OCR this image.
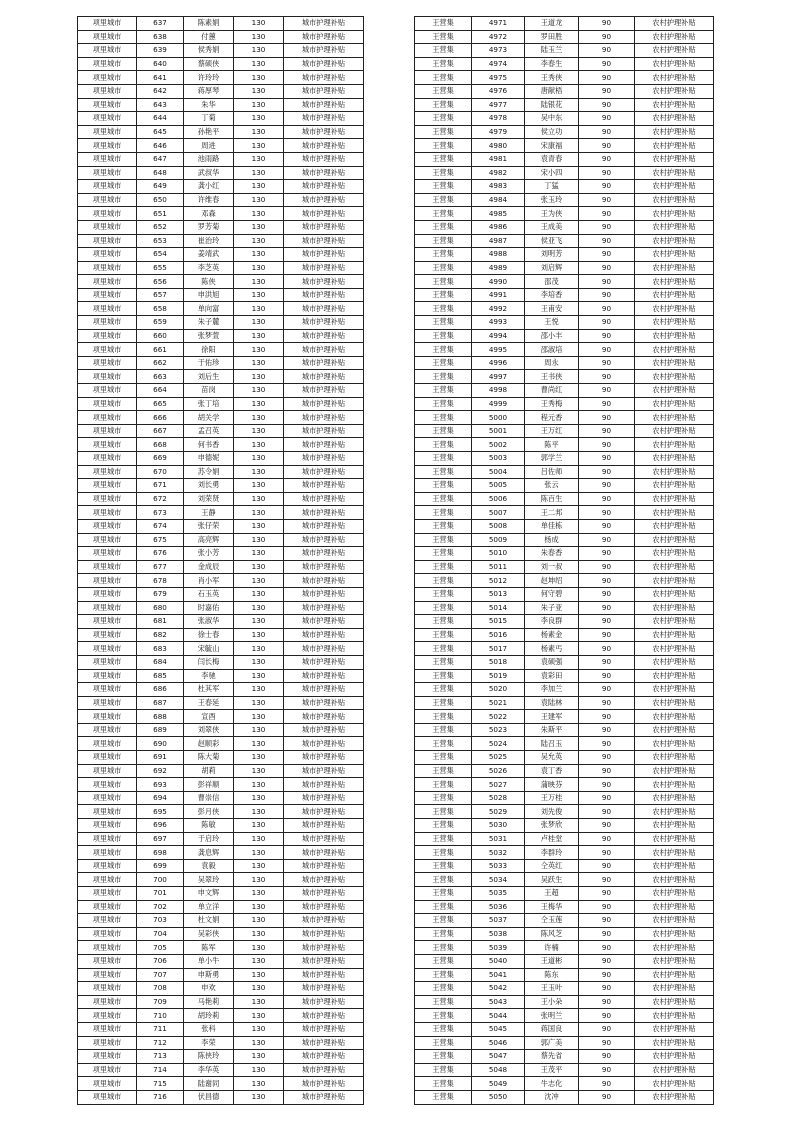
项里城市	637	陈素娟	130	城市护理补贴
项里城市	638	付蕙	130	城市护理补贴
项里城市	639	侯秀娟	130	城市护理补贴
项里城市	640	蔡硕侠	130	城市护理补贴
项里城市	641	许玲玲	130	城市护理补贴
项里城市	642	蒋厚琴	130	城市护理补贴
项里城市	643	朱华	130	城市护理补贴
项里城市	644	丁菊	130	城市护理补贴
项里城市	645	孙艳平	130	城市护理补贴
项里城市	646	周进	130	城市护理补贴
项里城市	647	池雨路	130	城市护理补贴
项里城市	648	武叔华	130	城市护理补贴
项里城市	649	龚小红	130	城市护理补贴
项里城市	650	许维春	130	城市护理补贴
项里城市	651	邓森	130	城市护理补贴
项里城市	652	罗芳菊	130	城市护理补贴
项里城市	653	崔治玲	130	城市护理补贴
项里城市	654	姜靖武	130	城市护理补贴
项里城市	655	李芝英	130	城市护理补贴
项里城市	656	陈侠	130	城市护理补贴
项里城市	657	申洪旭	130	城市护理补贴
项里城市	658	单向富	130	城市护理补贴
项里城市	659	朱子麓	130	城市护理补贴
项里城市	660	张梦萱	130	城市护理补贴
项里城市	661	徐阳	130	城市护理补贴
项里城市	662	于佑珍	130	城市护理补贴
项里城市	663	刘后生	130	城市护理补贴
项里城市	664	苗岗	130	城市护理补贴
项里城市	665	张丁培	130	城市护理补贴
项里城市	666	胡关学	130	城市护理补贴
项里城市	667	孟召英	130	城市护理补贴
项里城市	668	何书香	130	城市护理补贴
项里城市	669	申德妮	130	城市护理补贴
项里城市	670	苏令娟	130	城市护理补贴
项里城市	671	刘长勇	130	城市护理补贴
项里城市	672	刘荣贤	130	城市护理补贴
项里城市	673	王静	130	城市护理补贴
项里城市	674	张仔荣	130	城市护理补贴
项里城市	675	高亮辉	130	城市护理补贴
项里城市	676	张小芳	130	城市护理补贴
项里城市	677	金成辰	130	城市护理补贴
项里城市	678	肖小军	130	城市护理补贴
项里城市	679	石玉英	130	城市护理补贴
项里城市	680	时嘉佑	130	城市护理补贴
项里城市	681	张淑华	130	城市护理补贴
项里城市	682	徐士春	130	城市护理补贴
项里城市	683	宋毓山	130	城市护理补贴
项里城市	684	闫长梅	130	城市护理补贴
项里城市	685	李驰	130	城市护理补贴
项里城市	686	杜其军	130	城市护理补贴
项里城市	687	王春延	130	城市护理补贴
项里城市	688	宣酉	130	城市护理补贴
项里城市	689	刘翠侠	130	城市护理补贴
项里城市	690	赵顺彩	130	城市护理补贴
项里城市	691	陈大菊	130	城市护理补贴
项里城市	692	胡莉	130	城市护理补贴
项里城市	693	彭祥顺	130	城市护理补贴
项里城市	694	曹崇信	130	城市护理补贴
项里城市	695	彭月侠	130	城市护理补贴
项里城市	696	陈敏	130	城市护理补贴
项里城市	697	于启玲	130	城市护理补贴
项里城市	698	龚息辉	130	城市护理补贴
项里城市	699	袁毅	130	城市护理补贴
项里城市	700	吴翠玲	130	城市护理补贴
项里城市	701	申文辉	130	城市护理补贴
项里城市	702	单立洋	130	城市护理补贴
项里城市	703	杜文娟	130	城市护理补贴
项里城市	704	吴彩侠	130	城市护理补贴
项里城市	705	陈军	130	城市护理补贴
项里城市	706	单小牛	130	城市护理补贴
项里城市	707	申斯勇	130	城市护理补贴
项里城市	708	申欢	130	城市护理补贴
项里城市	709	马艳莉	130	城市护理补贴
项里城市	710	胡玲莉	130	城市护理补贴
项里城市	711	张科	130	城市护理补贴
项里城市	712	李荣	130	城市护理补贴
项里城市	713	陈侠玲	130	城市护理补贴
项里城市	714	李华英	130	城市护理补贴
项里城市	715	陆谢同	130	城市护理补贴
项里城市	716	伏昌德	130	城市护理补贴
王营集	4971	王道龙	90	农村护理补贴
王营集	4972	罗田胜	90	农村护理补贴
王营集	4973	陆玉兰	90	农村护理补贴
王营集	4974	李春生	90	农村护理补贴
王营集	4975	王秀侠	90	农村护理补贴
王营集	4976	唐献梧	90	农村护理补贴
王营集	4977	陆银花	90	农村护理补贴
王营集	4978	吴中东	90	农村护理补贴
王营集	4979	侯立功	90	农村护理补贴
王营集	4980	宋康福	90	农村护理补贴
王营集	4981	袁青春	90	农村护理补贴
王营集	4982	宋小四	90	农村护理补贴
王营集	4983	丁猛	90	农村护理补贴
王营集	4984	张玉玲	90	农村护理补贴
王营集	4985	王为侠	90	农村护理补贴
王营集	4986	王成美	90	农村护理补贴
王营集	4987	侯亚飞	90	农村护理补贴
王营集	4988	刘明芳	90	农村护理补贴
王营集	4989	刘启辉	90	农村护理补贴
王营集	4990	邵茂	90	农村护理补贴
王营集	4991	李培香	90	农村护理补贴
王营集	4992	王甫安	90	农村护理补贴
王营集	4993	王悦	90	农村护理补贴
王营集	4994	邵小丰	90	农村护理补贴
王营集	4995	邵淑培	90	农村护理补贴
王营集	4996	周永	90	农村护理补贴
王营集	4997	王书侠	90	农村护理补贴
王营集	4998	曹尚红	90	农村护理补贴
王营集	4999	王秀梅	90	农村护理补贴
王营集	5000	程元香	90	农村护理补贴
王营集	5001	王万红	90	农村护理补贴
王营集	5002	陈平	90	农村护理补贴
王营集	5003	郭学兰	90	农村护理补贴
王营集	5004	吕佐师	90	农村护理补贴
王营集	5005	张云	90	农村护理补贴
王营集	5006	陈百生	90	农村护理补贴
王营集	5007	王二邦	90	农村护理补贴
王营集	5008	单佳栋	90	农村护理补贴
王营集	5009	杨成	90	农村护理补贴
王营集	5010	朱春香	90	农村护理补贴
王营集	5011	刘一叔	90	农村护理补贴
王营集	5012	赵坤绍	90	农村护理补贴
王营集	5013	何守碧	90	农村护理补贴
王营集	5014	朱子亚	90	农村护理补贴
王营集	5015	李良群	90	农村护理补贴
王营集	5016	杨素金	90	农村护理补贴
王营集	5017	杨素丐	90	农村护理补贴
王营集	5018	袁硕强	90	农村护理补贴
王营集	5019	袁彩田	90	农村护理补贴
王营集	5020	李加兰	90	农村护理补贴
王营集	5021	袁陆林	90	农村护理补贴
王营集	5022	王建军	90	农村护理补贴
王营集	5023	朱斯平	90	农村护理补贴
王营集	5024	陆召玉	90	农村护理补贴
王营集	5025	吴允英	90	农村护理补贴
王营集	5026	袁丁香	90	农村护理补贴
王营集	5027	蒲映芬	90	农村护理补贴
王营集	5028	王万桂	90	农村护理补贴
王营集	5029	刘先俊	90	农村护理补贴
王营集	5030	张梦欣	90	农村护理补贴
王营集	5031	卢桂堂	90	农村护理补贴
王营集	5032	李群玲	90	农村护理补贴
王营集	5033	仝英红	90	农村护理补贴
王营集	5034	吴跃生	90	农村护理补贴
王营集	5035	王超	90	农村护理补贴
王营集	5036	王梅华	90	农村护理补贴
王营集	5037	仝玉莲	90	农村护理补贴
王营集	5038	陈风芝	90	农村护理补贴
王营集	5039	许楠	90	农村护理补贴
王营集	5040	王道彬	90	农村护理补贴
王营集	5041	陈东	90	农村护理补贴
王营集	5042	王玉叶	90	农村护理补贴
王营集	5043	王小朵	90	农村护理补贴
王营集	5044	张明兰	90	农村护理补贴
王营集	5045	蒋国良	90	农村护理补贴
王营集	5046	郭广美	90	农村护理补贴
王营集	5047	蔡先省	90	农村护理补贴
王营集	5048	王茂平	90	农村护理补贴
王营集	5049	牛志化	90	农村护理补贴
王营集	5050	沈冲	90	农村护理补贴
